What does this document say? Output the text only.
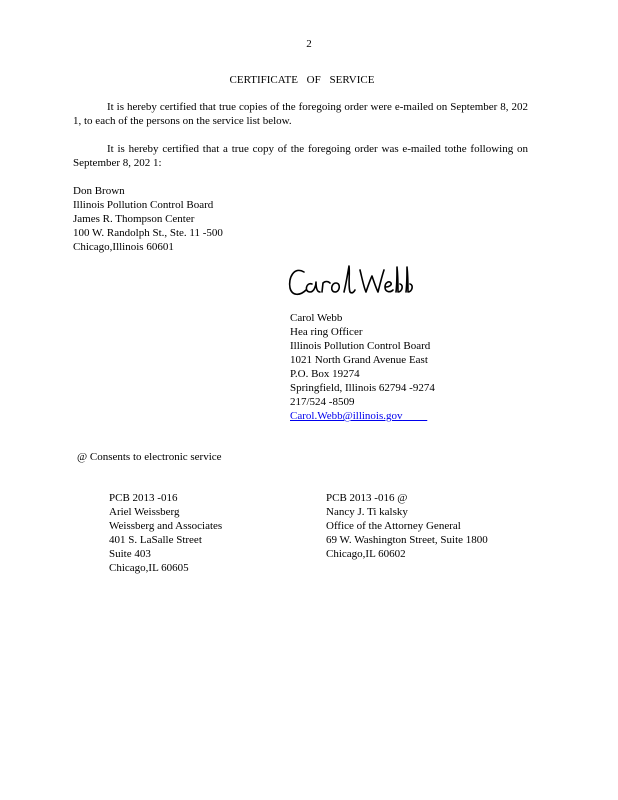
2
CERTIFICATE OF SERVICE
It is hereby certified that true copies of the foregoing order were e-mailed on September 8, 202 1, to each of the persons on the service list below.
It is hereby certified that a true copy of the foregoing order was e-mailed tothe following on September 8, 202 1:
Don Brown
Illinois Pollution Control Board
James R. Thompson Center
100 W. Randolph St., Ste. 11 -500
Chicago,Illinois 60601
Carol Webb
Hea ring Officer
Illinois Pollution Control Board
1021 North Grand Avenue East
P.O. Box 19274
Springfield, Illinois 62794 -9274
217/524 -8509
Carol.Webb@illinois.gov
@ Consents to electronic service
PCB 2013 -016
Ariel Weissberg
Weissberg and Associates
401 S. LaSalle Street
Suite 403
Chicago,IL 60605
PCB 2013 -016 @
Nancy J. Ti kalsky
Office of the Attorney General
69 W. Washington Street, Suite 1800
Chicago,IL 60602
